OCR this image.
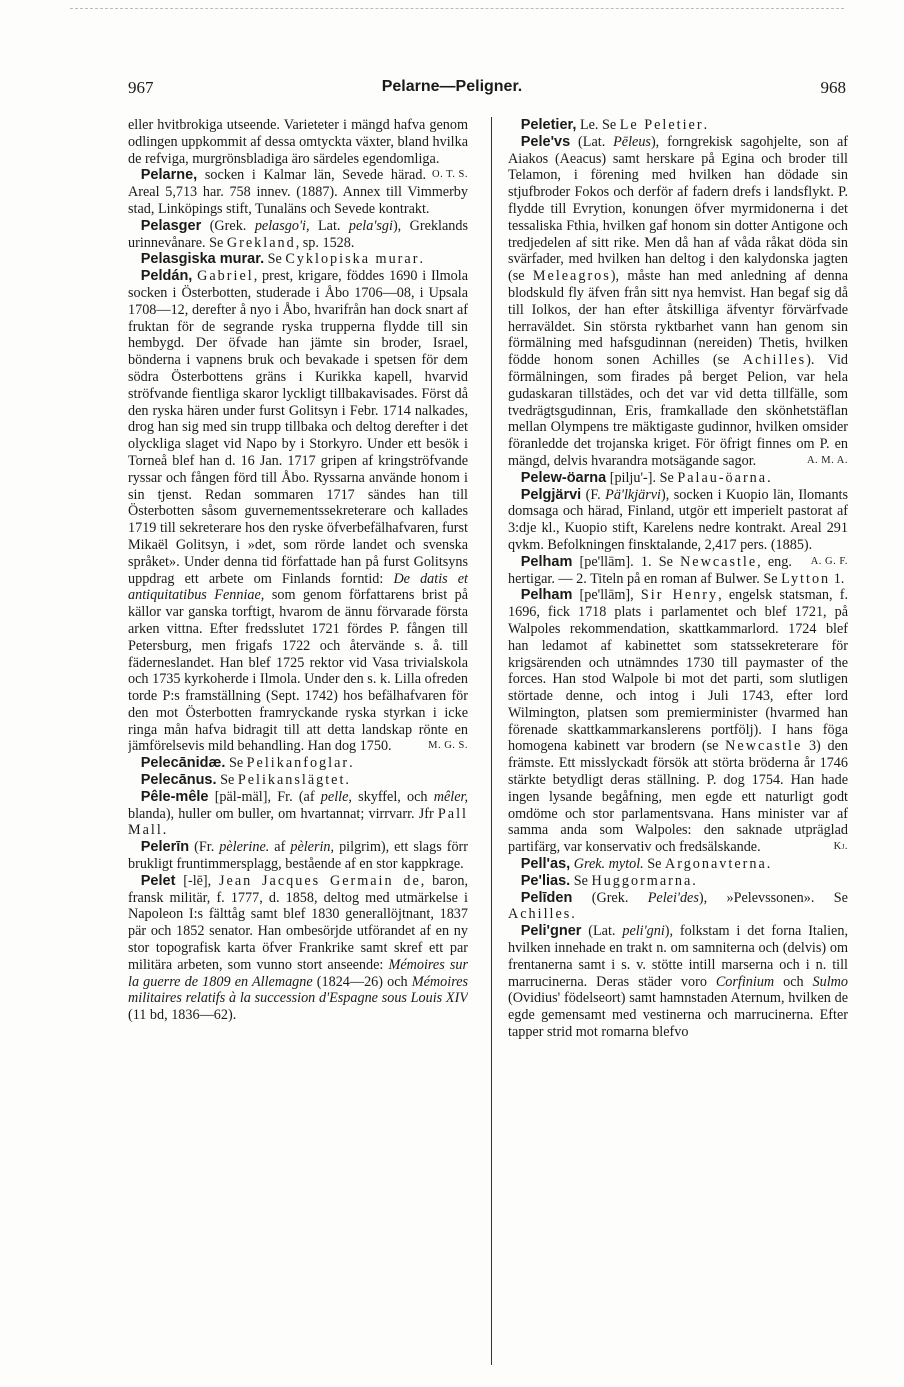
967	Pelarne—Peligner.	968

eller hvitbrokiga utseende. Varieteter i mängd hafva genom odlingen uppkommit af dessa omtyckta växter, bland hvilka de refviga, murgrönsbladiga äro särdeles egendomliga.
O. T. S.

Pelarne, socken i Kalmar län, Sevede härad. Areal 5,713 har. 758 innev. (1887). Annex till Vimmerby stad, Linköpings stift, Tunaläns och Sevede kontrakt.

Pelasger (Grek. pelasgo'i, Lat. pela'sgi), Greklands urinnevånare. Se Grekland, sp. 1528.

Pelasgiska murar. Se Cyklopiska murar.

Peldán, Gabriel, prest, krigare, föddes 1690 i Ilmola socken i Österbotten, studerade i Åbo 1706—08, i Upsala 1708—12, derefter å nyo i Åbo, hvarifrån han dock snart af fruktan för de segrande ryska trupperna flydde till sin hembygd. Der öfvade han jämte sin broder, Israel, bönderna i vapnens bruk och bevakade i spetsen för dem södra Österbottens gräns i Kurikka kapell, hvarvid ströfvande fientliga skaror lyckligt tillbakavisades. Först då den ryska hären under furst Golitsyn i Febr. 1714 nalkades, drog han sig med sin trupp tillbaka och deltog derefter i det olyckliga slaget vid Napo by i Storkyro. Under ett besök i Torneå blef han d. 16 Jan. 1717 gripen af kringströfvande ryssar och fången förd till Åbo. Ryssarna använde honom i sin tjenst. Redan sommaren 1717 sändes han till Österbotten såsom guvernementssekreterare och kallades 1719 till sekreterare hos den ryske öfverbefälhafvaren, furst Mikaël Golitsyn, i »det, som rörde landet och svenska språket». Under denna tid författade han på furst Golitsyns uppdrag ett arbete om Finlands forntid: De datis et antiquitatibus Fenniae, som genom författarens brist på källor var ganska torftigt, hvarom de ännu förvarade första arken vittna. Efter fredsslutet 1721 fördes P. fången till Petersburg, men frigafs 1722 och återvände s. å. till fäderneslandet. Han blef 1725 rektor vid Vasa trivialskola och 1735 kyrkoherde i Ilmola. Under den s. k. Lilla ofreden torde P:s framställning (Sept. 1742) hos befälhafvaren för den mot Österbotten framryckande ryska styrkan i icke ringa mån hafva bidragit till att detta landskap rönte en jämförelsevis mild behandling. Han dog 1750.	M. G. S.

Pelecānidæ. Se Pelikanfoglar.

Pelecānus. Se Pelikanslägtet.

Pêle-mêle [päl-mäl], Fr. (af pelle, skyffel, och mêler, blanda), huller om buller, om hvartannat; virrvarr. Jfr Pall Mall.

Pelerīn (Fr. pèlerine. af pèlerin, pilgrim), ett slags förr brukligt fruntimmersplagg, bestående af en stor kappkrage.

Pelet [-lē], Jean Jacques Germain de, baron, fransk militär, f. 1777, d. 1858, deltog med utmärkelse i Napoleon I:s fälttåg samt blef 1830 generallöjtnant, 1837 pär och 1852 senator. Han ombesörjde utförandet af en ny stor topografisk karta öfver Frankrike samt skref ett par militära arbeten, som vunno stort anseende: Mémoires sur la guerre de 1809 en Allemagne (1824—26) och Mémoires militaires relatifs à la succession d'Espagne sous Louis XIV (11 bd, 1836—62).

Peletier, Le. Se Le Peletier.

Pele'vs (Lat. Pēleus), forngrekisk sagohjelte, son af Aiakos (Aeacus) samt herskare på Egina och broder till Telamon, i förening med hvilken han dödade sin stjufbroder Fokos och derför af fadern drefs i landsflykt. P. flydde till Evrytion, konungen öfver myrmidonerna i det tessaliska Fthia, hvilken gaf honom sin dotter Antigone och tredjedelen af sitt rike. Men då han af våda råkat döda sin svärfader, med hvilken han deltog i den kalydonska jagten (se Meleagros), måste han med anledning af denna blodskuld fly äfven från sitt nya hemvist. Han begaf sig då till Iolkos, der han efter åtskilliga äfventyr förvärfvade herraväldet. Sin största ryktbarhet vann han genom sin förmälning med hafsgudinnan (nereiden) Thetis, hvilken födde honom sonen Achilles (se Achilles). Vid förmälningen, som firades på berget Pelion, var hela gudaskaran tillstädes, och det var vid detta tillfälle, som tvedrägtsgudinnan, Eris, framkallade den skönhetstäflan mellan Olympens tre mäktigaste gudinnor, hvilken omsider föranledde det trojanska kriget. För öfrigt finnes om P. en mängd, delvis hvarandra motsägande sagor.	A. M. A.

Pelew-öarna [pilju'-]. Se Palau-öarna.

Pelgjärvi (F. Pä'lkjärvi), socken i Kuopio län, Ilomants domsaga och härad, Finland, utgör ett imperielt pastorat af 3:dje kl., Kuopio stift, Karelens nedre kontrakt. Areal 291 qvkm. Befolkningen finsktalande, 2,417 pers. (1885).
A. G. F.

Pelham [pe'llām]. 1. Se Newcastle, eng. hertigar. — 2. Titeln på en roman af Bulwer. Se Lytton 1.

Pelham [pe'llām], Sir Henry, engelsk statsman, f. 1696, fick 1718 plats i parlamentet och blef 1721, på Walpoles rekommendation, skattkammarlord. 1724 blef han ledamot af kabinettet som statssekreterare för krigsärenden och utnämndes 1730 till paymaster of the forces. Han stod Walpole bi mot det parti, som slutligen störtade denne, och intog i Juli 1743, efter lord Wilmington, platsen som premierminister (hvarmed han förenade skattkammarkanslerens portfölj). I hans föga homogena kabinett var brodern (se Newcastle 3) den främste. Ett misslyckadt försök att störta bröderna år 1746 stärkte betydligt deras ställning. P. dog 1754. Han hade ingen lysande begåfning, men egde ett naturligt godt omdöme och stor parlamentsvana. Hans minister var af samma anda som Walpoles: den saknade utpräglad partifärg, var konservativ och fredsälskande.	Kj.

Pell'as, Grek. mytol. Se Argonavterna.

Pe'lias. Se Huggormarna.

Pelīden (Grek. Pelei'des), »Pelevssonen». Se Achilles.

Peli'gner (Lat. peli'gni), folkstam i det forna Italien, hvilken innehade en trakt n. om samniterna och (delvis) om frentanerna samt i s. v. stötte intill marserna och i n. till marrucinerna. Deras städer voro Corfinium och Sulmo (Ovidius' födelseort) samt hamnstaden Aternum, hvilken de egde gemensamt med vestinerna och marrucinerna. Efter tapper strid mot romarna blefvo
